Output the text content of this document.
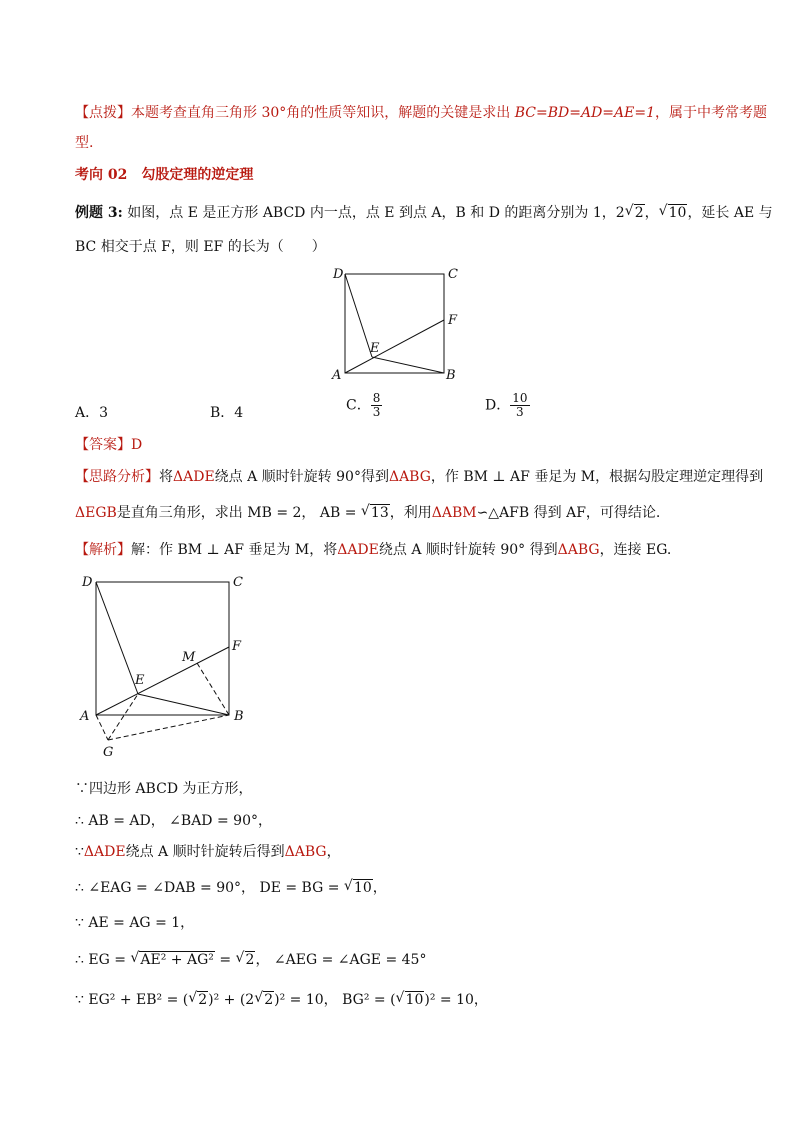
【点拨】本题考查直角三角形 30°角的性质等知识，解题的关键是求出 BC=BD=AD=AE=1，属于中考常考题
型.
考向 02　勾股定理的逆定理
例题 3: 如图，点 E 是正方形 ABCD 内一点，点 E 到点 A，B 和 D 的距离分别为 1，2 √ 2， √ 10，延长 AE 与
BC 相交于点 F，则 EF 的长为（　　）
D	C
F
E
A	B
A．3	B．4	C． $\frac{8}{3}$	D． $\frac{10}{3}$
【答案】D
【思路分析】将ΔADE绕点 A 顺时针旋转 90°得到ΔABG，作 BM ⊥ AF 垂足为 M，根据勾股定理逆定理得到
ΔEGB是直角三角形，求出 MB = 2， AB = √ 13，利用ΔABM∽△AFB 得到 AF，可得结论.
【解析】解：作 BM ⊥ AF 垂足为 M，将ΔADE绕点 A 顺时针旋转 90° 得到ΔABG，连接 EG.
D	C
F
M
E
A	B
G
∵四边形 ABCD 为正方形，
∴ AB = AD， ∠BAD = 90°，
∵ΔADE绕点 A 顺时针旋转后得到ΔABG，
∴ ∠EAG = ∠DAB = 90°， DE = BG = √ 10，
∵ AE = AG = 1，
∴ EG = √ AE² + AG² = √ 2， ∠AEG = ∠AGE = 45°
∵ EG² + EB² = ( √ 2)² + (2 √ 2)² = 10， BG² = ( √ 10)² = 10，
